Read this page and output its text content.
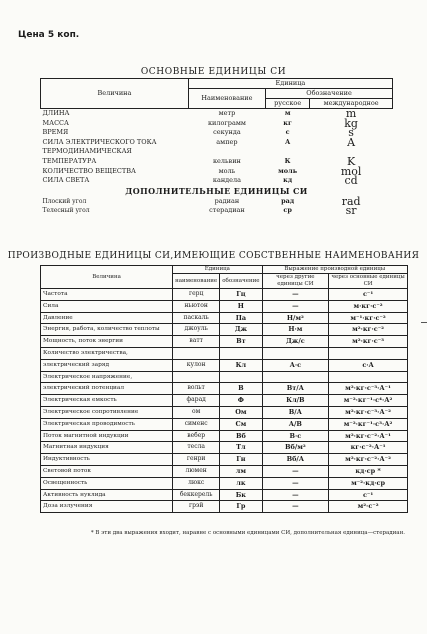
Цена 5 коп.
ОСНОВНЫЕ ЕДИНИЦЫ СИ
Величина	Единица		
	Наименование	Обозначение	
		русское	международное
ДЛИНА	метр	м	m
МАССА	килограмм	кг	kg
ВРЕМЯ	секунда	с	s
СИЛА ЭЛЕКТРИЧЕСКОГО ТОКА	ампер	А	A
ТЕРМОДИНАМИЧЕСКАЯ			
ТЕМПЕРАТУРА	кельвин	К	K
КОЛИЧЕСТВО ВЕЩЕСТВА	моль	моль	mol
СИЛА СВЕТА	кандела	кд	cd
ДОПОЛНИТЕЛЬНЫЕ ЕДИНИЦЫ СИ			
Плоский угол	радиан	рад	rad
Телесный угол	стерадиан	ср	sr
ПРОИЗВОДНЫЕ ЕДИНИЦЫ СИ,ИМЕЮЩИЕ СОБСТВЕННЫЕ НАИМЕНОВАНИЯ
Величина	Единица		Выражение производной единицы	
	наименование	обозначение	через другие единицы СИ	через основные единицы СИ
Частота	герц	Гц	—	с⁻¹
Сила	ньютон	Н	—	м·кг·с⁻²
Давление	паскаль	Па	Н/м²	м⁻¹·кг·с⁻²
Энергия, работа, количество теплоты	джоуль	Дж	Н·м	м²·кг·с⁻²
Мощность, поток энергии	ватт	Вт	Дж/с	м²·кг·с⁻³
Количество электричества,				
электрический заряд	кулон	Кл	А·с	с·А
Электрическое напряжение,				
электрический потенциал	вольт	В	Вт/А	м²·кг·с⁻³·А⁻¹
Электрическая емкость	фарад	Ф	Кл/В	м⁻²·кг⁻¹·с⁴·А²
Электрическое сопротивление	ом	Ом	В/А	м²·кг·с⁻³·А⁻²
Электрическая проводимость	сименс	См	А/В	м⁻²·кг⁻¹·с³·А²
Поток магнитной индукции	вебер	Вб	В·с	м²·кг·с⁻²·А⁻¹
Магнитная индукция	тесла	Тл	Вб/м²	кг·с⁻²·А⁻¹
Индуктивность	генри	Гн	Вб/А	м²·кг·с⁻²·А⁻²
Световой поток	люмен	лм	—	кд·ср *
Освещенность	люкс	лк	—	м⁻²·кд·ср
Активность нуклида	беккерель	Бк	—	с⁻¹
Доза излучения	грэй	Гр	—	м²·с⁻²
* В эти два выражения входит, наравне с основными единицами СИ, дополнительная единица—стерадиан.
